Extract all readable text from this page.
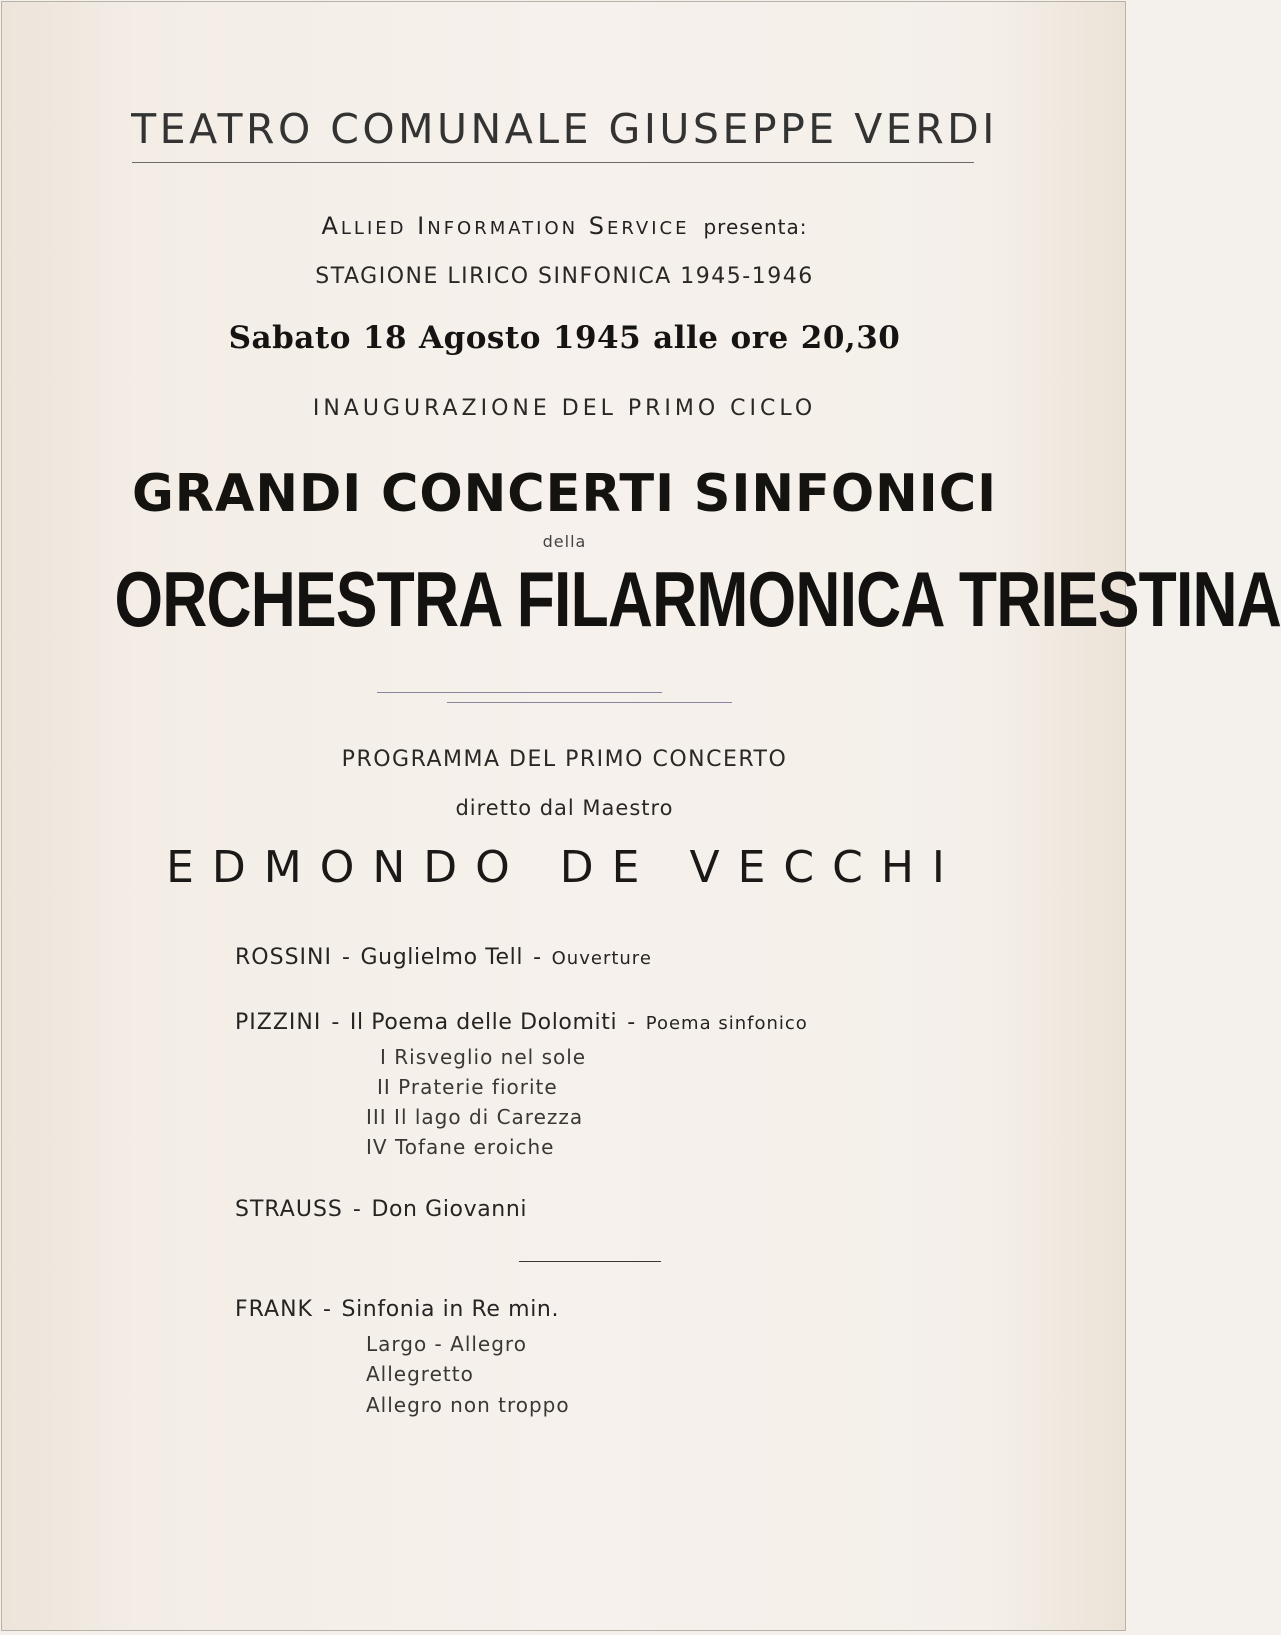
TEATRO COMUNALE GIUSEPPE VERDI
ALLIED INFORMATION SERVICE presenta:
STAGIONE LIRICO SINFONICA 1945-1946
Sabato 18 Agosto 1945 alle ore 20,30
INAUGURAZIONE DEL PRIMO CICLO
GRANDI CONCERTI SINFONICI
della
ORCHESTRA FILARMONICA TRIESTINA
PROGRAMMA DEL PRIMO CONCERTO
diretto dal Maestro
EDMONDO DE VECCHI
ROSSINI - Guglielmo Tell - Ouverture
PIZZINI - Il Poema delle Dolomiti - Poema sinfonico
I Risveglio nel sole
II Praterie fiorite
III Il lago di Carezza
IV Tofane eroiche
STRAUSS - Don Giovanni
FRANK - Sinfonia in Re min.
Largo - Allegro
Allegretto
Allegro non troppo
